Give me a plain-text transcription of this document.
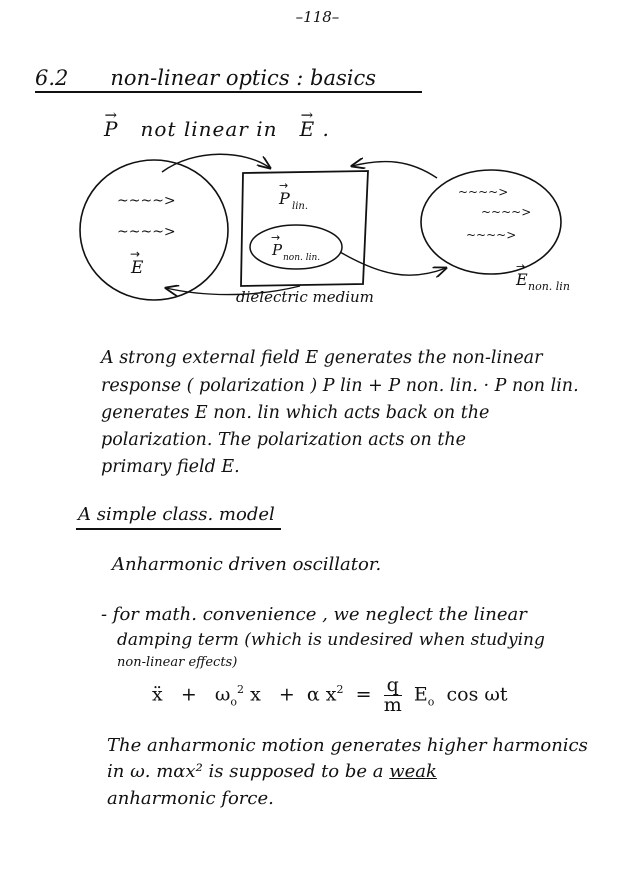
–118–
6.2 non-linear optics : basics
→ P not linear in   → E .
~~~~>
~~~~>
E
→
~~~~>
~~~~>
~~~~>
→
P lin.
→
P non. lin.
→
E non. lin
dielectric medium
A strong external field E generates the non-linear
response ( polarization ) P lin + P non. lin. · P non lin.
generates E non. lin which acts back on the
polarization. The polarization acts on the
primary field E.
A simple class. model
Anharmonic driven oscillator.
- for math. convenience , we neglect the linear
damping term (which is undesired when studying
non-linear effects)
ẍ + $\omega_o^2$ x + α $x^2 = \frac{q}{m} E_o$ cos ωt
The anharmonic motion generates higher harmonics
in ω. mαx² is supposed to be a weak
anharmonic force.
